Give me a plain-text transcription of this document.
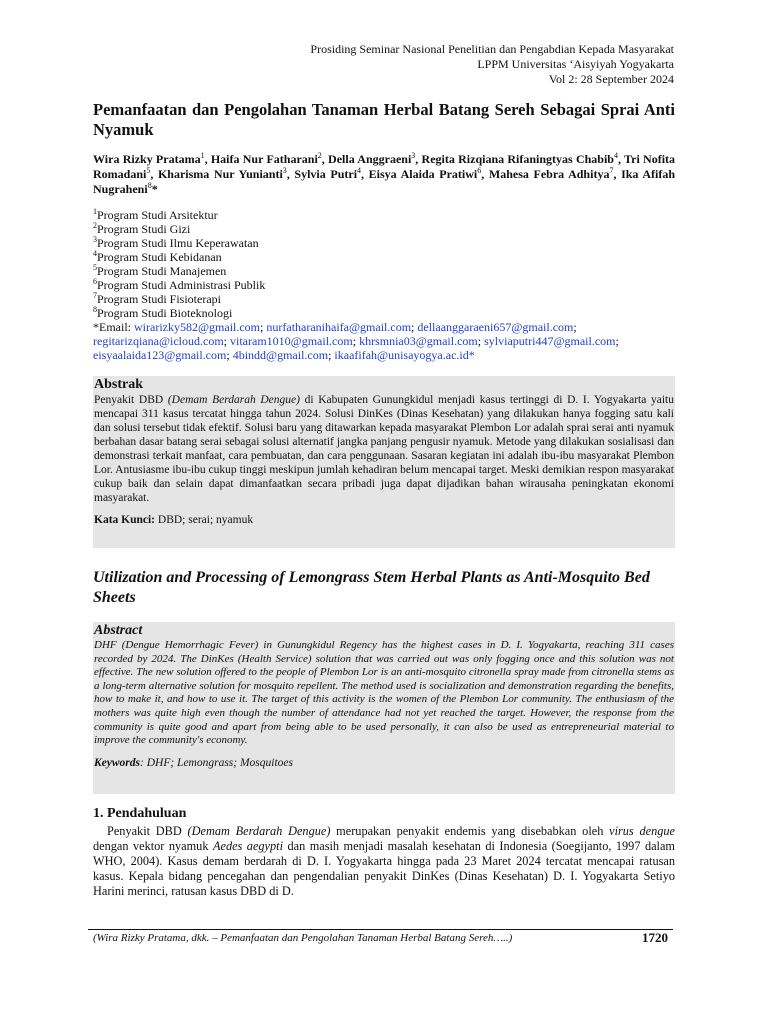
Prosiding Seminar Nasional Penelitian dan Pengabdian Kepada Masyarakat
LPPM Universitas ‘Aisyiyah Yogyakarta
Vol 2: 28 September 2024
Pemanfaatan dan Pengolahan Tanaman Herbal Batang Sereh Sebagai Sprai Anti Nyamuk
Wira Rizky Pratama$^1$, Haifa Nur Fatharani$^2$, Della Anggraeni$^3$, Regita Rizqiana Rifaningtyas Chabib$^4$, Tri Nofita Romadani$^5$, Kharisma Nur Yunianti$^3$, Sylvia Putri$^4$, Eisya Alaida Pratiwi$^6$, Mahesa Febra Adhitya$^7$, Ika Afifah Nugraheni$^8$*
$^1$Program Studi Arsitektur
$^2$Program Studi Gizi
$^3$Program Studi Ilmu Keperawatan
$^4$Program Studi Kebidanan
$^5$Program Studi Manajemen
$^6$Program Studi Administrasi Publik
$^7$Program Studi Fisioterapi
$^8$Program Studi Bioteknologi
*Email: wirarizky582@gmail.com; nurfatharanihaifa@gmail.com; dellaanggaraeni657@gmail.com;
regitarizqiana@icloud.com; vitaram1010@gmail.com; khrsmnia03@gmail.com; sylviaputri447@gmail.com;
eisyaalaida123@gmail.com; 4bindd@gmail.com; ikaafifah@unisayogya.ac.id*
Abstrak
Penyakit DBD (Demam Berdarah Dengue) di Kabupaten Gunungkidul menjadi kasus tertinggi di D. I. Yogyakarta yaitu mencapai 311 kasus tercatat hingga tahun 2024. Solusi DinKes (Dinas Kesehatan) yang dilakukan hanya fogging satu kali dan solusi tersebut tidak efektif. Solusi baru yang ditawarkan kepada masyarakat Plembon Lor adalah sprai serai anti nyamuk berbahan dasar batang serai sebagai solusi alternatif jangka panjang pengusir nyamuk. Metode yang dilakukan sosialisasi dan demonstrasi terkait manfaat, cara pembuatan, dan cara penggunaan. Sasaran kegiatan ini adalah ibu-ibu masyarakat Plembon Lor. Antusiasme ibu-ibu cukup tinggi meskipun jumlah kehadiran belum mencapai target. Meski demikian respon masyarakat cukup baik dan selain dapat dimanfaatkan secara pribadi juga dapat dijadikan bahan wirausaha peningkatan ekonomi masyarakat.
Kata Kunci: DBD; serai; nyamuk
Utilization and Processing of Lemongrass Stem Herbal Plants as Anti-Mosquito Bed Sheets
Abstract
DHF (Dengue Hemorrhagic Fever) in Gunungkidul Regency has the highest cases in D. I. Yogyakarta, reaching 311 cases recorded by 2024. The DinKes (Health Service) solution that was carried out was only fogging once and this solution was not effective. The new solution offered to the people of Plembon Lor is an anti-mosquito citronella spray made from citronella stems as a long-term alternative solution for mosquito repellent. The method used is socialization and demonstration regarding the benefits, how to make it, and how to use it. The target of this activity is the women of the Plembon Lor community. The enthusiasm of the mothers was quite high even though the number of attendance had not yet reached the target. However, the response from the community is quite good and apart from being able to be used personally, it can also be used as entrepreneurial material to improve the community's economy.
Keywords: DHF; Lemongrass; Mosquitoes
1. Pendahuluan
Penyakit DBD (Demam Berdarah Dengue) merupakan penyakit endemis yang disebabkan oleh virus dengue dengan vektor nyamuk Aedes aegypti dan masih menjadi masalah kesehatan di Indonesia (Soegijanto, 1997 dalam WHO, 2004). Kasus demam berdarah di D. I. Yogyakarta hingga pada 23 Maret 2024 tercatat mencapai ratusan kasus. Kepala bidang pencegahan dan pengendalian penyakit DinKes (Dinas Kesehatan) D. I. Yogyakarta Setiyo Harini merinci, ratusan kasus DBD di D.
(Wira Rizky Pratama, dkk. – Pemanfaatan dan Pengolahan Tanaman Herbal Batang Sereh…..)	1720
